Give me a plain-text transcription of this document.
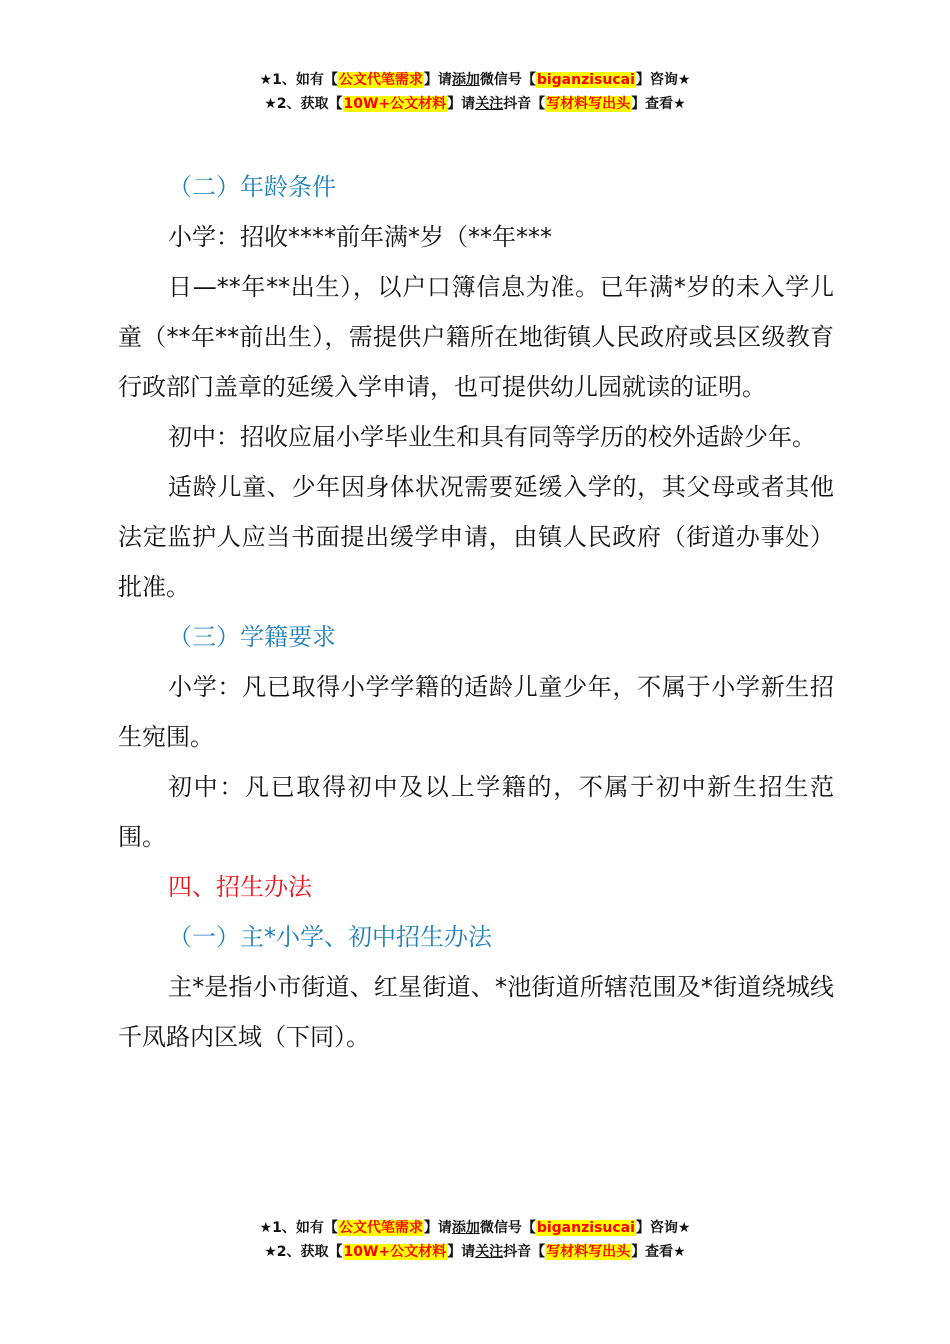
★1、如有【公文代笔需求】请添加微信号【biganzisucai】咨询★
★2、获取【10W+公文材料】请关注抖音【写材料写出头】查看★

（二）年龄条件

小学：招收****前年满*岁（**年***

日—**年**出生），以户口簿信息为准。已年满*岁的未入学儿童（**年**前出生），需提供户籍所在地街镇人民政府或县区级教育行政部门盖章的延缓入学申请，也可提供幼儿园就读的证明。

初中：招收应届小学毕业生和具有同等学历的校外适龄少年。

适龄儿童、少年因身体状况需要延缓入学的，其父母或者其他法定监护人应当书面提出缓学申请，由镇人民政府（街道办事处）批准。

（三）学籍要求

小学：凡已取得小学学籍的适龄儿童少年，不属于小学新生招生宛围。

初中：凡已取得初中及以上学籍的，不属于初中新生招生范围。

四、招生办法

（一）主*小学、初中招生办法

主*是指小市街道、红星街道、*池街道所辖范围及*街道绕城线千凤路内区域（下同）。

★1、如有【公文代笔需求】请添加微信号【biganzisucai】咨询★
★2、获取【10W+公文材料】请关注抖音【写材料写出头】查看★
